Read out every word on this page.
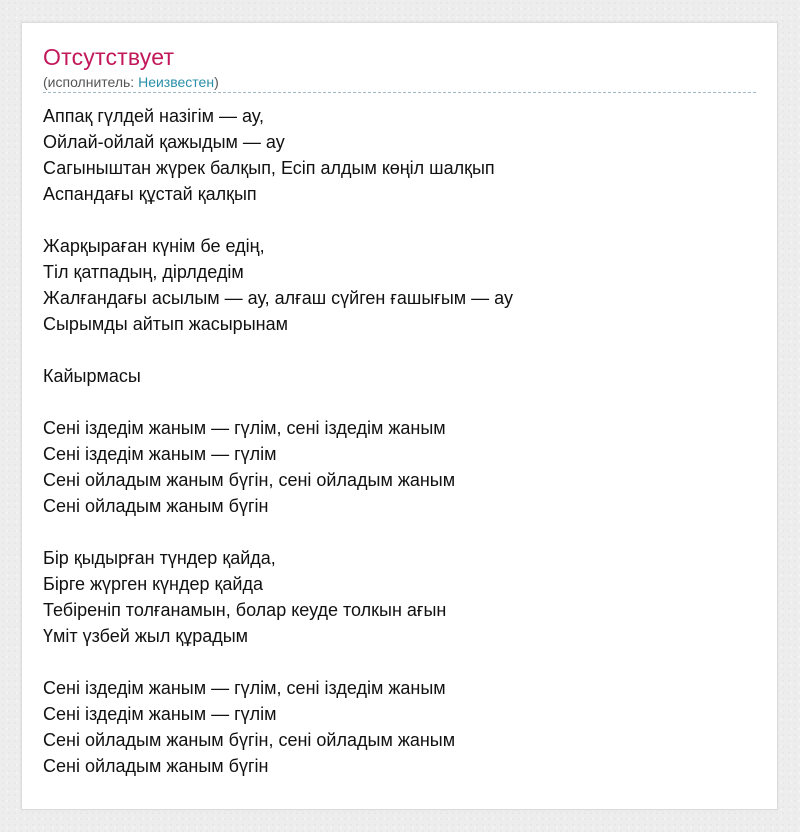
Отсутствует
(исполнитель: Неизвестен)
Аппақ гүлдей назігім — ау,
Ойлай-ойлай қажыдым — ау
Сагыныштан жүрек балқып, Есіп алдым көңіл шалқып
Аспандағы құстай қалқып
Жарқыраған күнім бе едің,
Тіл қатпадың, дірлдедім
Жалғандағы асылым — ау, алғаш сүйген ғашығым — ау
Сырымды айтып жасырынам
Кайырмасы
Сені іздедім жаным — гүлім, сені іздедім жаным
Сені іздедім жаным — гүлім
Сені ойладым жаным бүгін, сені ойладым жаным
Сені ойладым жаным бүгін
Бір қыдырған түндер қайда,
Бірге жүрген күндер қайда
Тебіреніп толғанамын, болар кеуде толкын ағын
Үміт үзбей жыл құрадым
Сені іздедім жаным — гүлім, сені іздедім жаным
Сені іздедім жаным — гүлім
Сені ойладым жаным бүгін, сені ойладым жаным
Сені ойладым жаным бүгін
